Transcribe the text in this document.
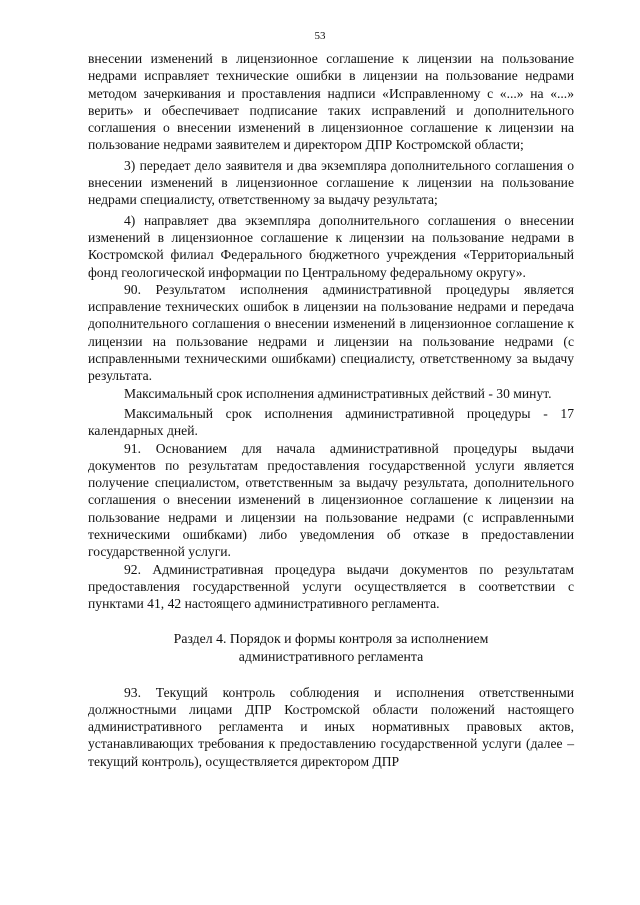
53

внесении изменений в лицензионное соглашение к лицензии на пользование недрами исправляет технические ошибки в лицензии на пользование недрами методом зачеркивания и проставления надписи «Исправленному с «...» на «...» верить» и обеспечивает подписание таких исправлений и дополнительного соглашения о внесении изменений в лицензионное соглашение к лицензии на пользование недрами заявителем и директором ДПР Костромской области;

3) передает дело заявителя и два экземпляра дополнительного соглашения о внесении изменений в лицензионное соглашение к лицензии на пользование недрами специалисту, ответственному за выдачу результата;

4) направляет два экземпляра дополнительного соглашения о внесении изменений в лицензионное соглашение к лицензии на пользование недрами в Костромской филиал Федерального бюджетного учреждения «Территориальный фонд геологической информации по Центральному федеральному округу».

90. Результатом исполнения административной процедуры является исправление технических ошибок в лицензии на пользование недрами и передача дополнительного соглашения о внесении изменений в лицензионное соглашение к лицензии на пользование недрами и лицензии на пользование недрами (с исправленными техническими ошибками) специалисту, ответственному за выдачу результата.

Максимальный срок исполнения административных действий - 30 минут.

Максимальный срок исполнения административной процедуры - 17 календарных дней.

91. Основанием для начала административной процедуры выдачи документов по результатам предоставления государственной услуги является получение специалистом, ответственным за выдачу результата, дополнительного соглашения о внесении изменений в лицензионное соглашение к лицензии на пользование недрами и лицензии на пользование недрами (с исправленными техническими ошибками) либо уведомления об отказе в предоставлении государственной услуги.

92. Административная процедура выдачи документов по результатам предоставления государственной услуги осуществляется в соответствии с пунктами 41, 42 настоящего административного регламента.

Раздел 4. Порядок и формы контроля за исполнением
административного регламента

93. Текущий контроль соблюдения и исполнения ответственными должностными лицами ДПР Костромской области положений настоящего административного регламента и иных нормативных правовых актов, устанавливающих требования к предоставлению государственной услуги (далее – текущий контроль), осуществляется директором ДПР
